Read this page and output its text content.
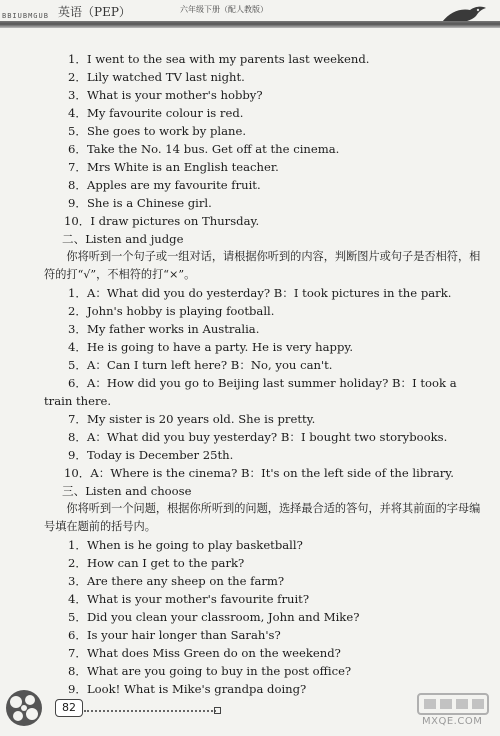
BBIUBMGUB 英语（PEP）	六年级下册（配人教版）
1．I went to the sea with my parents last weekend.
2．Lily watched TV last night.
3．What is your mother's hobby?
4．My favourite colour is red.
5．She goes to work by plane.
6．Take the No. 14 bus. Get off at the cinema.
7．Mrs White is an English teacher.
8．Apples are my favourite fruit.
9．She is a Chinese girl.
10．I draw pictures on Thursday.
二、Listen and judge
你将听到一个句子或一组对话，请根据你听到的内容，判断图片或句子是否相符，相符的打“√”，不相符的打“×”。
1．A：What did you do yesterday? B：I took pictures in the park.
2．John's hobby is playing football.
3．My father works in Australia.
4．He is going to have a party. He is very happy.
5．A：Can I turn left here? B：No, you can't.
6．A：How did you go to Beijing last summer holiday? B：I took a train there.
7．My sister is 20 years old. She is pretty.
8．A：What did you buy yesterday? B：I bought two storybooks.
9．Today is December 25th.
10．A：Where is the cinema? B：It's on the left side of the library.
三、Listen and choose
你将听到一个问题，根据你所听到的问题，选择最合适的答句，并将其前面的字母编号填在题前的括号内。
1．When is he going to play basketball?
2．How can I get to the park?
3．Are there any sheep on the farm?
4．What is your mother's favourite fruit?
5．Did you clean your classroom, John and Mike?
6．Is your hair longer than Sarah's?
7．What does Miss Green do on the weekend?
8．What are you going to buy in the post office?
9．Look! What is Mike's grandpa doing?
82
MXQE.COM
